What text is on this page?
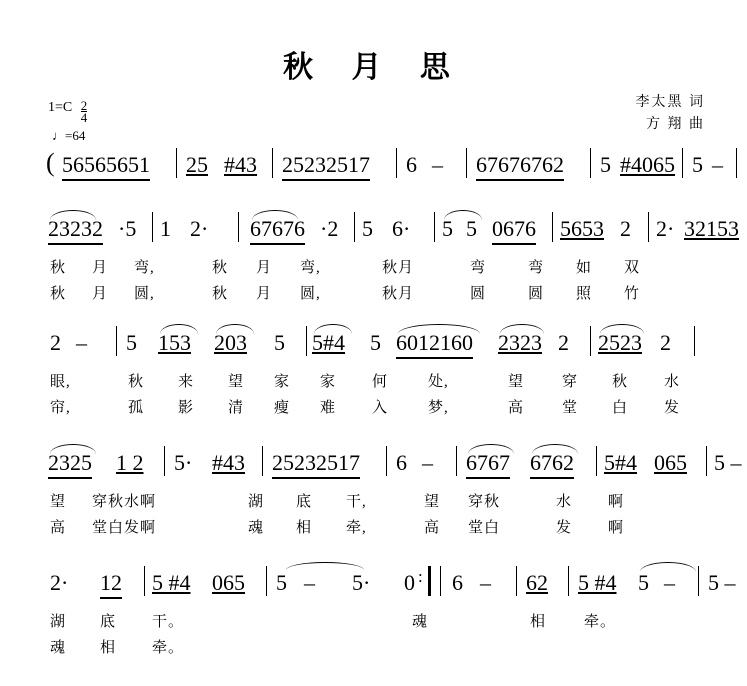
秋 月 思
李太黑 词
方 翔 曲
$1=C \frac{2}{4}$
♩=64
( 56565651 25 #43 25232517 6 – 67676762 5 #4065 5 –
23232 ·5 1 2· 67676 ·2 5 6· 5 5 0676 5653 2 2· 32153
秋 月 弯,	秋 月 弯,	秋月	弯	弯 如 双
秋 月 圆,	秋 月 圆,	秋月	圆	圆 照 竹
2 – 5 153 203 5 5#4 5 6012160 2323 2 2523 2
眼,	秋 来 望 家 家 何	处,	望	穿 秋 水
帘,	孤 影 清 瘦 难 入	梦,	高	堂 白 发
2325 1 2 5· #43 25232517 6 – 6767 6762 5#4 065 5 –
望 穿秋水啊	湖 底 干,	望 穿秋	水 啊
高 堂白发啊	魂 相 牵,	高 堂白	发 啊
2· 12 5 #4 065 5 – 5· 0 : 6 – 62 5 #4 5 – 5 –
湖 底 干。	魂	相	牵。
魂 相 牵。
